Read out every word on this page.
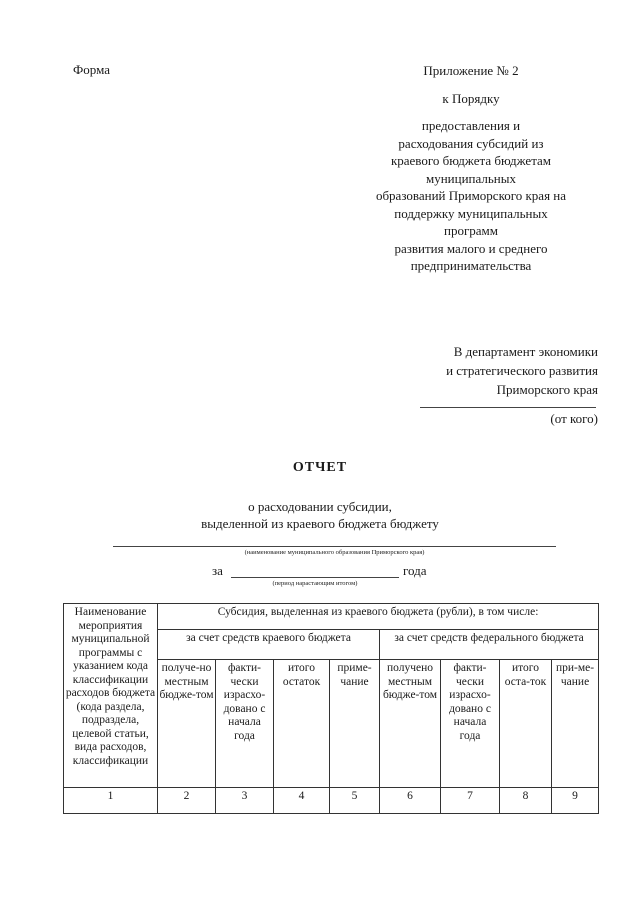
Форма	Приложение № 2
к Порядку
предоставления и
расходования субсидий из
краевого бюджета бюджетам
муниципальных
образований Приморского края на
поддержку муниципальных
программ
развития малого и среднего
предпринимательства
В департамент экономики
и стратегического развития
Приморского края
(от кого)
ОТЧЕТ
о расходовании субсидии,
выделенной из краевого бюджета бюджету
(наименование муниципального образования Приморского края)
за	года
(период нарастающим итогом)
Наименование мероприятия муниципальной программы с указанием кода классификации расходов бюджета (кода раздела, подраздела, целевой статьи, вида расходов, классификации	Субсидия, выделенная из краевого бюджета (рубли), в том числе:							
	за счет средств краевого бюджета				за счет средств федерального бюджета			
	получе-но местным бюдже-том	факти-чески израсхо-довано с начала года	итого остаток	приме-чание	получено местным бюдже-том	факти-чески израсхо-довано с начала года	итого оста-ток	при-ме-чание
1	2	3	4	5	6	7	8	9
